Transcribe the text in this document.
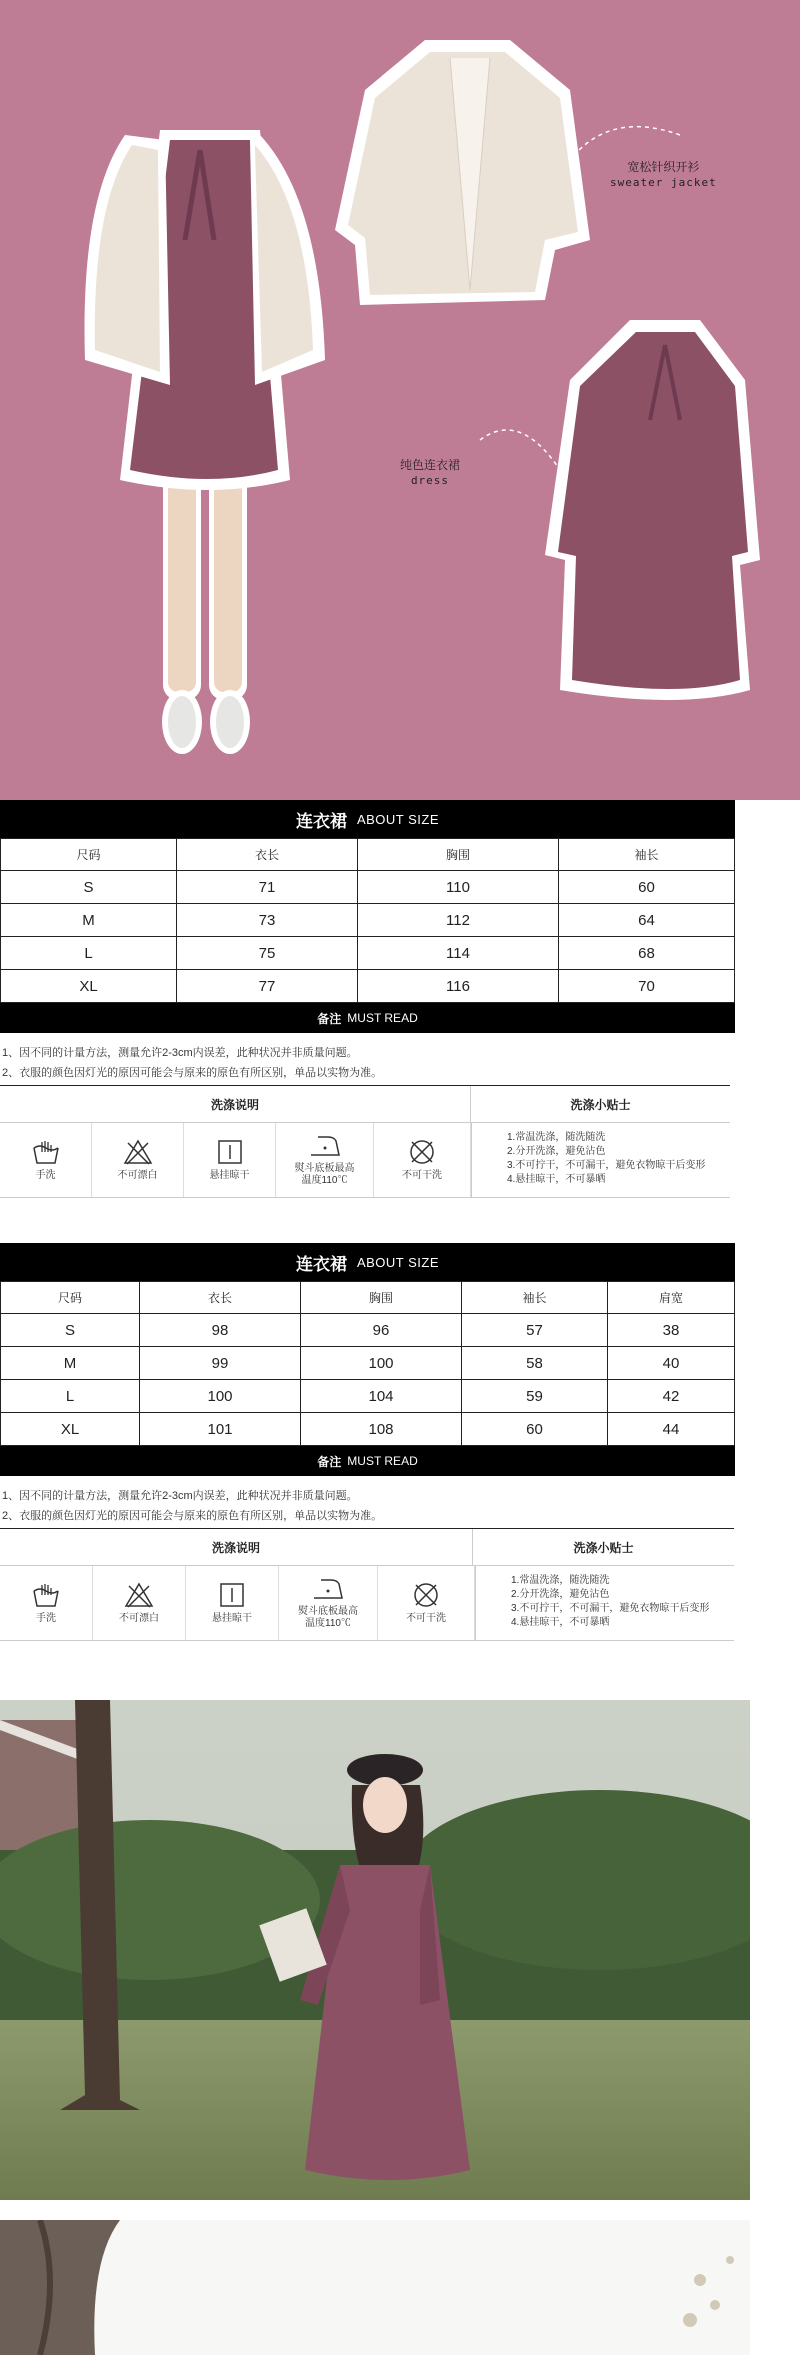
宽松针织开衫
sweater jacket
纯色连衣裙
dress
连衣裙 ABOUT SIZE
尺码	衣长	胸围	袖长
S	71	110	60
M	73	112	64
L	75	114	68
XL	77	116	70
备注 MUST READ
1、因不同的计量方法，测量允许2-3cm内误差，此种状况并非质量问题。
2、衣服的颜色因灯光的原因可能会与原来的原色有所区别，单品以实物为准。
洗涤说明	洗涤小贴士
手洗	不可漂白	悬挂晾干
熨斗底板最高
温度110℃	不可干洗
1.常温洗涤，随洗随洗
2.分开洗涤，避免沾色
3.不可拧干，不可漏干，避免衣物晾干后变形
4.悬挂晾干，不可暴晒
连衣裙 ABOUT SIZE
尺码	衣长	胸围	袖长	肩宽
S	98	96	57	38
M	99	100	58	40
L	100	104	59	42
XL	101	108	60	44
备注 MUST READ
1、因不同的计量方法，测量允许2-3cm内误差，此种状况并非质量问题。
2、衣服的颜色因灯光的原因可能会与原来的原色有所区别，单品以实物为准。
洗涤说明	洗涤小贴士
手洗	不可漂白	悬挂晾干
熨斗底板最高
温度110℃	不可干洗
1.常温洗涤，随洗随洗
2.分开洗涤，避免沾色
3.不可拧干，不可漏干，避免衣物晾干后变形
4.悬挂晾干，不可暴晒
